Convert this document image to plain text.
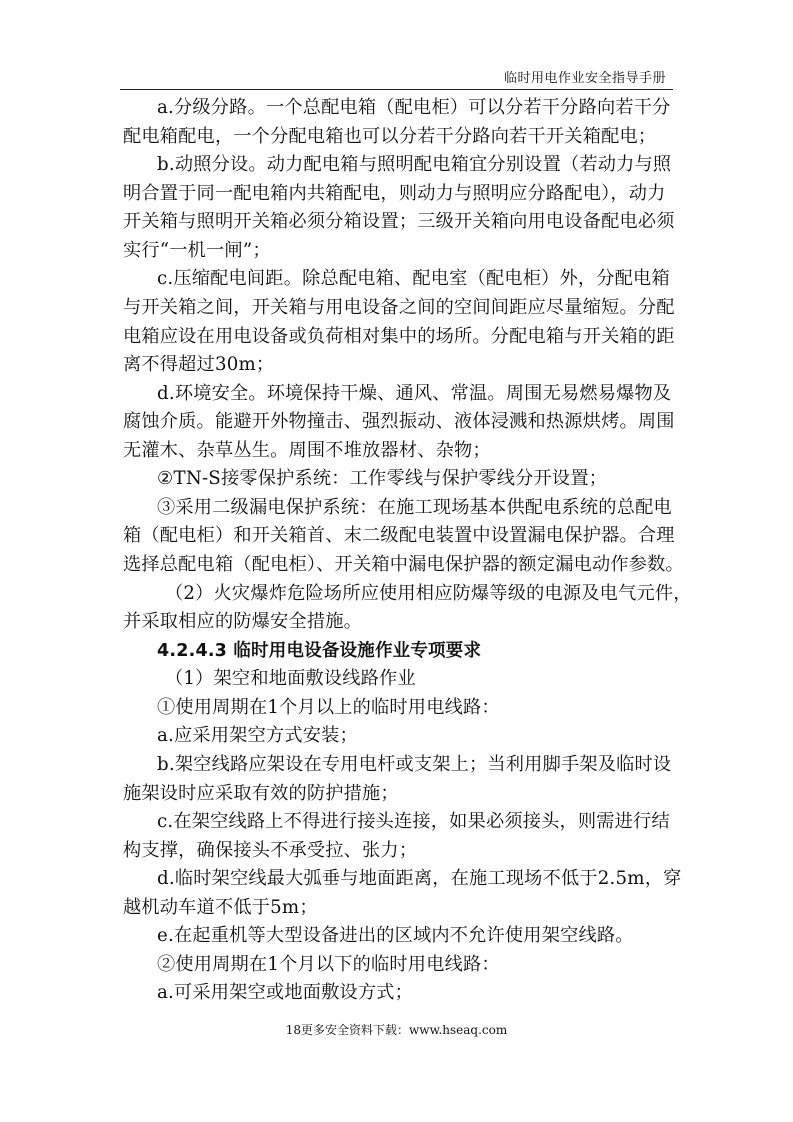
临时用电作业安全指导手册
a.分级分路。一个总配电箱（配电柜）可以分若干分路向若干分
配电箱配电，一个分配电箱也可以分若干分路向若干开关箱配电；
b.动照分设。动力配电箱与照明配电箱宜分别设置（若动力与照
明合置于同一配电箱内共箱配电，则动力与照明应分路配电），动力
开关箱与照明开关箱必须分箱设置；三级开关箱向用电设备配电必须
实行“一机一闸”；
c.压缩配电间距。除总配电箱、配电室（配电柜）外，分配电箱
与开关箱之间，开关箱与用电设备之间的空间间距应尽量缩短。分配
电箱应设在用电设备或负荷相对集中的场所。分配电箱与开关箱的距
离不得超过30m；
d.环境安全。环境保持干燥、通风、常温。周围无易燃易爆物及
腐蚀介质。能避开外物撞击、强烈振动、液体浸溅和热源烘烤。周围
无灌木、杂草丛生。周围不堆放器材、杂物；
②TN-S接零保护系统：工作零线与保护零线分开设置；
③采用二级漏电保护系统：在施工现场基本供配电系统的总配电
箱（配电柜）和开关箱首、末二级配电装置中设置漏电保护器。合理
选择总配电箱（配电柜）、开关箱中漏电保护器的额定漏电动作参数。
（2）火灾爆炸危险场所应使用相应防爆等级的电源及电气元件，
并采取相应的防爆安全措施。
4.2.4.3 临时用电设备设施作业专项要求
（1）架空和地面敷设线路作业
①使用周期在1个月以上的临时用电线路：
a.应采用架空方式安装；
b.架空线路应架设在专用电杆或支架上；当利用脚手架及临时设
施架设时应采取有效的防护措施；
c.在架空线路上不得进行接头连接，如果必须接头，则需进行结
构支撑，确保接头不承受拉、张力；
d.临时架空线最大弧垂与地面距离，在施工现场不低于2.5m，穿
越机动车道不低于5m；
e.在起重机等大型设备进出的区域内不允许使用架空线路。
②使用周期在1个月以下的临时用电线路：
a.可采用架空或地面敷设方式；
18更多安全资料下载：www.hseaq.com
